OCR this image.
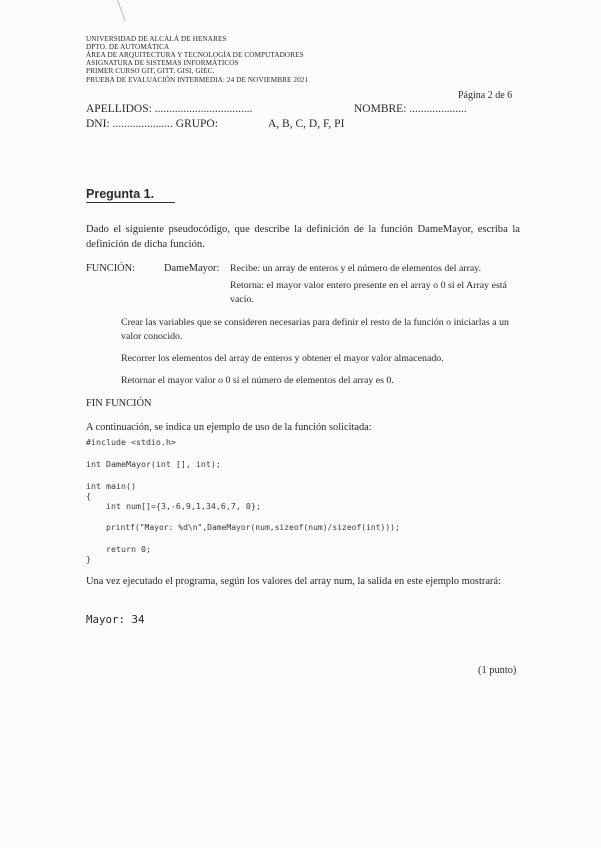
UNIVERSIDAD DE ALCALÁ DE HENARES
DPTO. DE AUTOMÁTICA
ÁREA DE ARQUITECTURA Y TECNOLOGÍA DE COMPUTADORES
ASIGNATURA DE SISTEMAS INFORMÁTICOS
PRIMER CURSO GIT, GITT, GISI, GIEC.
PRUEBA DE EVALUACIÓN INTERMEDIA: 24 DE NOVIEMBRE 2021
Página 2 de 6
APELLIDOS: ..................................	NOMBRE: ....................
DNI: ..................... GRUPO:	A, B, C, D, F, PI
Pregunta 1.
Dado el siguiente pseudocódigo, que describe la definición de la función DameMayor, escriba la definición de dicha función.
FUNCIÓN:	DameMayor: Recibe: un array de enteros y el número de elementos del array.
Retorna: el mayor valor entero presente en el array o 0 si el Array está vacío.
Crear las variables que se consideren necesarias para definir el resto de la función o iniciarlas a un valor conocido.
Recorrer los elementos del array de enteros y obtener el mayor valor almacenado.
Retornar el mayor valor o 0 si el número de elementos del array es 0.
FIN FUNCIÓN
A continuación, se indica un ejemplo de uso de la función solicitada:
#include <stdio.h>
int DameMayor(int [], int);
int main()
{
int num[]={3,-6,9,1,34,6,7, 0};
printf("Mayor: %d\n",DameMayor(num,sizeof(num)/sizeof(int)));
return 0;
}
Una vez ejecutado el programa, según los valores del array num, la salida en este ejemplo mostrará:
Mayor: 34
(1 punto)
